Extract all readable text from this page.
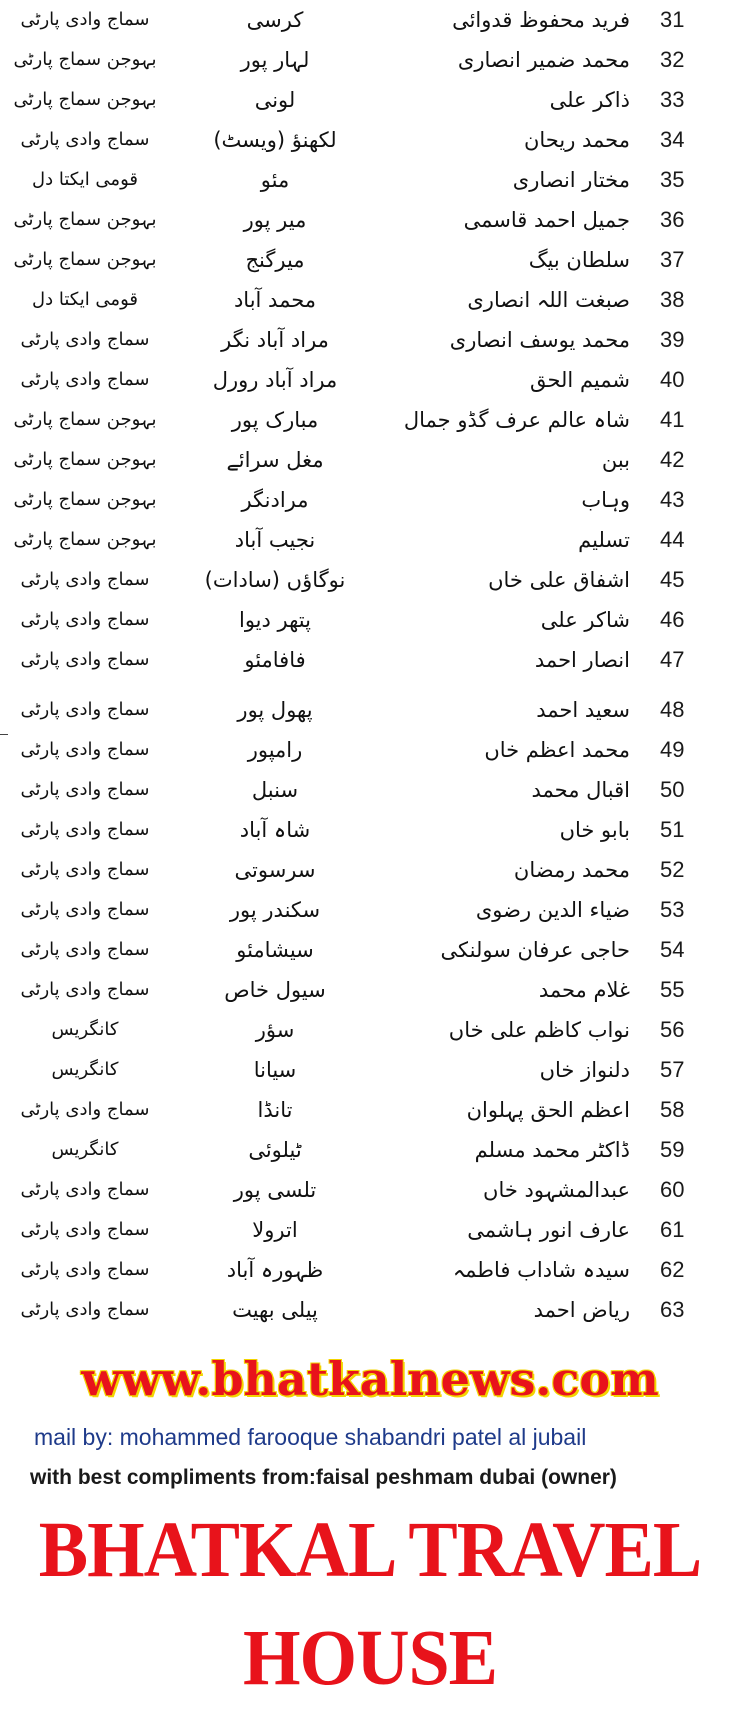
31
فرید محفوظ قدوائی
کرسی
سماج وادی پارٹی
32
محمد ضمیر انصاری
لہار پور
بہوجن سماج پارٹی
33
ذاکر علی
لونی
بہوجن سماج پارٹی
34
محمد ریحان
لکھنؤ (ویسٹ)
سماج وادی پارٹی
35
مختار انصاری
مئو
قومی ایکتا دل
36
جمیل احمد قاسمی
میر پور
بہوجن سماج پارٹی
37
سلطان بیگ
میرگنج
بہوجن سماج پارٹی
38
صبغت اللہ انصاری
محمد آباد
قومی ایکتا دل
39
محمد یوسف انصاری
مراد آباد نگر
سماج وادی پارٹی
40
شمیم الحق
مراد آباد رورل
سماج وادی پارٹی
41
شاہ عالم عرف گڈو جمال
مبارک پور
بہوجن سماج پارٹی
42
ببن
مغل سرائے
بہوجن سماج پارٹی
43
وہاب
مرادنگر
بہوجن سماج پارٹی
44
تسلیم
نجیب آباد
بہوجن سماج پارٹی
45
اشفاق علی خاں
نوگاؤں (سادات)
سماج وادی پارٹی
46
شاکر علی
پتھر دیوا
سماج وادی پارٹی
47
انصار احمد
فافامئو
سماج وادی پارٹی
48
سعید احمد
پھول پور
سماج وادی پارٹی
49
محمد اعظم خاں
رامپور
سماج وادی پارٹی
50
اقبال محمد
سنبل
سماج وادی پارٹی
51
بابو خاں
شاہ آباد
سماج وادی پارٹی
52
محمد رمضان
سرسوتی
سماج وادی پارٹی
53
ضیاء الدین رضوی
سکندر پور
سماج وادی پارٹی
54
حاجی عرفان سولنکی
سیشامئو
سماج وادی پارٹی
55
غلام محمد
سیول خاص
سماج وادی پارٹی
56
نواب کاظم علی خاں
سؤر
کانگریس
57
دلنواز خاں
سیانا
کانگریس
58
اعظم الحق پہلوان
تانڈا
سماج وادی پارٹی
59
ڈاکٹر محمد مسلم
ٹیلوئی
کانگریس
60
عبدالمشہود خاں
تلسی پور
سماج وادی پارٹی
61
عارف انور ہاشمی
اترولا
سماج وادی پارٹی
62
سیدہ شاداب فاطمہ
ظہورہ آباد
سماج وادی پارٹی
63
ریاض احمد
پیلی بھیت
سماج وادی پارٹی
www.bhatkalnews.com
mail by: mohammed farooque shabandri patel al jubail
with best compliments from:faisal peshmam dubai (owner)
BHATKAL TRAVEL HOUSE
